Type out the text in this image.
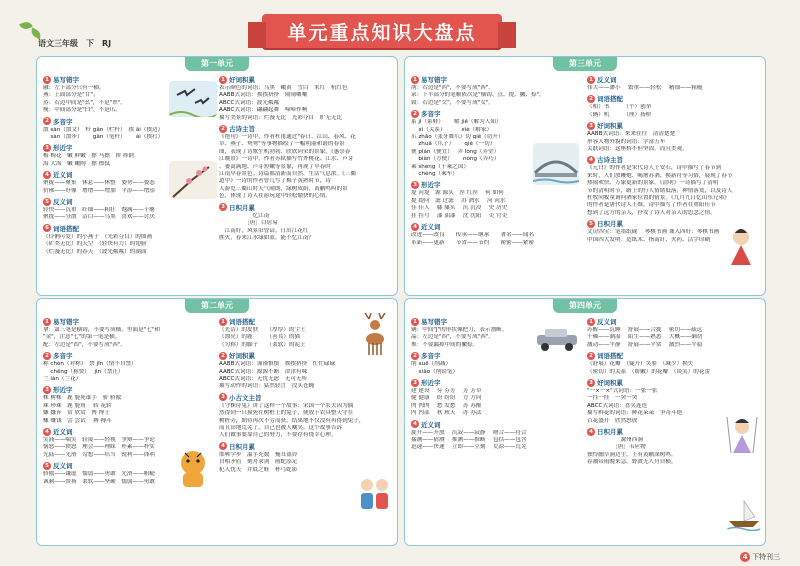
语文三年级　下　RJ	单元重点知识大盘点
第一单元
1 易写错字
融：左下部分只有一横。
燕：上面部分是"廿"。
蒸：右边中间是"幺"，不是"糸"。
瘦：中间部分是"臼"，不是爪。
2 多音字
散 sàn（散文）　杆 gān（栏杆）　挨 āi（挨边）
　 sàn（散步）　　 gǎn（笔杆）　　 ái（挨打）
3 形近字
梅 梅花　嫩 鲜嫩　擦 马擦　摔 摔倒
海 大海　嫩 嫩陶　擦 擦拭　　　
4 近义词
聚拢——聚集　休息——休整　姿势——姿态
仿佛——好像　增增——增加　平添——增添
5 反义词
轻快——沉重　纤细——粗壮　饱满——干瘪
聚拢——分散　洁白——乌黑　喜欢——讨厌
6 词语搭配
（伶俐可爱）的小燕子　（光彩夺目）的图画
（矿类无比）的天空　（轻快有力）的翅膀
（烂漫无比）的春天　（波光粼粼）的湖面
1 好词积累
表示颜色的词语：乌黑　嫩黄　雪白　朱红　杭红色
AABB式词语：挨挨挤挤　闹闹嚷嚷
ABCC式词语：波光粼粼
AABC式词语：翩翩起舞　啼啼作响
描写美景的词语：烂漫无比　光彩夺目　旷无无比
2 古诗主旨
《绝句》一诗中，作者杜甫通过"春日、江山、春风、花
草、燕子、鸳鸯"等事物描绘了一幅明丽和谐的春景
图，表现了诗歌生机勃勃、欣欣向荣的景象。《惠崇春
江晚景》一诗中，作者苏轼描写竹外桃花、江水、芦芽
、蒌蒿满地、芦芽短嫩等景象，再现了早春时
江南早春景色。诗篇都清新而自然、生活气息浓。《三衢
道中》一诗的作者曾几写了梅子黄熟时节，诗
人游览三衢山时天气晴朗，绿树成荫，黄鹂鸣叫的景
色，体现了诗人在游玩途中轻松愉快的心情。
3 日积月累
　　　　　　忆江南
　　　　　［唐］白居易
　江南好，风景旧曾谙。日出江花红
胜火，春来江水绿如蓝。能不忆江南？
第三单元
1 易写错字
凿：右边是"西"，不要写成"西"。
录：下半部分的笔顺依次是"横钩、点、提、撇、捺"。
致：右边是"攵"，不要写成"女"。
2 多音字
系 jì（系鞋）　　 解 jiě（解为人知）
　 xì（关系）　　　 xiè（解家）
爪 zhǎo（张牙舞爪）切 qiē（切开）
　 zhuǎ（爪子）　　 qiè（一切）
便 pián（便宜）　 弄 lòng（弄堂）
　 biàn（方便）　　 nòng（弄巧）
乘 shèng（千乘之国）
　 chéng（乘车）
3 形近字
堤 河堤　源 源头　涅 红涅　 何 如何
提 提问　滤 过滤　 洱 酒水　 河 河水
佳 佳人　 膝 膝头　 沉 沉浸　 史 历史
挂 挂号　 漆 油漆　 沈 沈阳　 吏 官吏
4 近义词
改进——改良　　传承——继承　　著名——闻名
革新——更新　　节省——节约　　密密——紧密
1 反义词
伟大——渺小　 繁重——轻松　 精细——粗糙
2 词语搭配
（相）书　　　（个）创举
（辆）机　　　（座）扬桥
3 好词积累
AABB式词语：来来往往　清清楚楚
形容人物外貌的词语：学富五车
关联词语：这座桥不但坚固，而且美观。
4 古诗主旨
《元日》的作者是宋代诗人王安石，诗中描写了春节到
来时，人们放鞭炮、喝屠苏酒、换新符等习俗，展现了春节
热闹欢快、万象更新的景象。《清明》一诗描写了清明
节的清明时节，路上的行人情绪低落，神情落寞，以及诗人
杜牧向牧童询问酒家位置的情景。《九月九日忆山东兄弟》
的作者是唐代诗人王维，诗中描写了作者在重阳佳节
想到了远方的亲人，抒发了诗人对亲人的思念之情。
5 日积月累
文房四宝：笔墨纸砚　 琴棋书画 兼入四好：琴棋书画
中国四大发明：造纸术、指南针、火药、活字印刷
第二单元
1 易写错字
拿：第三笔是横钩，不要写成横。里面是"七"和
"金"，注意"七"的第一笔是横。
配：左边是"酉"，不要写成"西"。
2 多音字
称 chèn（对称）　禁 jīn（情不自禁）
　 chēng（称赞）　 jìn（禁止）
兰 lán（兰花）
3 形近字
株 树株　鹿 鹿死谁手　骄 骄傲
珠 珍珠　鹿 鹿角　 轿 花轿
嫌 嫌弃　赏 欣赏　博 博士
赚 赚钱　尝 尝试　 搏 搏斗
4 近义词
笑涌——喘笑　轻蔑——轻视　争辩——争论
恼怒——愤怒　理会——理睬　朴素——朴实
光陆——光滑　勾想——培当　锐利——锋利
5 反义词
骄傲——谦虚　懦弱——勇敢　光滑——粗糙
讽刺——赞扬　柔软——坚硬　懦弱——勇敢
1 词语搭配
（光洁）的皮肤　　（厚厚）的尘土
（漂亮）的鹿　　　（善良）的猫
（匀称）的脚子　　（柔软）的泥土
2 好词积累
AABB式词语：谨谨慎慎　挨挨挤挤　忙忙碌碌
AABC式词语：源源不断　津津有味
ABCC式词语：无忧无虑　无可无所
描写动作的词语：猛然轻言　没头苍蝇
3 小古文主旨
《守株待兔》讲了这样一个故事：宋国一个农夫因为偶
然得到一只撞死在树桩上的兔子，便放下农具整天守在
树桩旁，期待再次不劳而获，结果地不仅没有再得到兔子，
而且田地荒芜了，自己也被人嘲笑。这个故事告诉
人们做事要靠自己的努力，不要存有侥幸心理。
4 日积月累
邯郸学步　滥竽充数　掩耳盗铃
自相矛盾　刻舟求剑　画蛇添足
杞人忧天　井底之蛙　杯弓蛇影
第四单元
1 易写错字
辆：中间"J"的形状像把刀，表示割断。
晶：左边是"西"，不要写成"西"。
参：不要漏掉中间的撇捺。
2 多音字
削 xuē（削减）
　 xiāo（削铅笔）
3 形近字
建 建设　 芬 芬芳　 芳 芳草
健 健康　 纷 纷纷　 方 方向
肉 肉肉　 愁 发愁　 苏 苏醒
内 内部　 秋 秋天　 办 办法
4 近义词
旋开——开放　 沉寂——寂静　 吻合——符合
揣测——猜测　 推测——推断　 包括——包含
迅速——快速　 立即——立刻　 荒凉——荒芜
1 反义词
苏醒——沉睡　 舒展——合拢　 密切——疏远
干燥——潮湿　 陌生——熟悉　 大概——确切
激动——平静　 舒展——平常　 激烈——平稳
2 词语搭配
（舒展）花瓣　（疑开）笑脸　（减少）损失
（密切）的关系　（娇嫩）的花瓣　（谈笑）的花蕾
3 好词积累
"一×一×"式词语：一张一张
一挂一挂　一突一突
ABCC式词语：喜笑连连
描写鲜花的词语：鲜花朵朵　争奇斗艳
百花盛开　欣然怒放
4 日积月累
　　　　　　滁州西涧
　　　　　［唐］韦应物
独怜幽草涧边生，上有黄鹂深树鸣。
春潮带雨晚来急，野渡无人舟自横。
4 下特刊三
